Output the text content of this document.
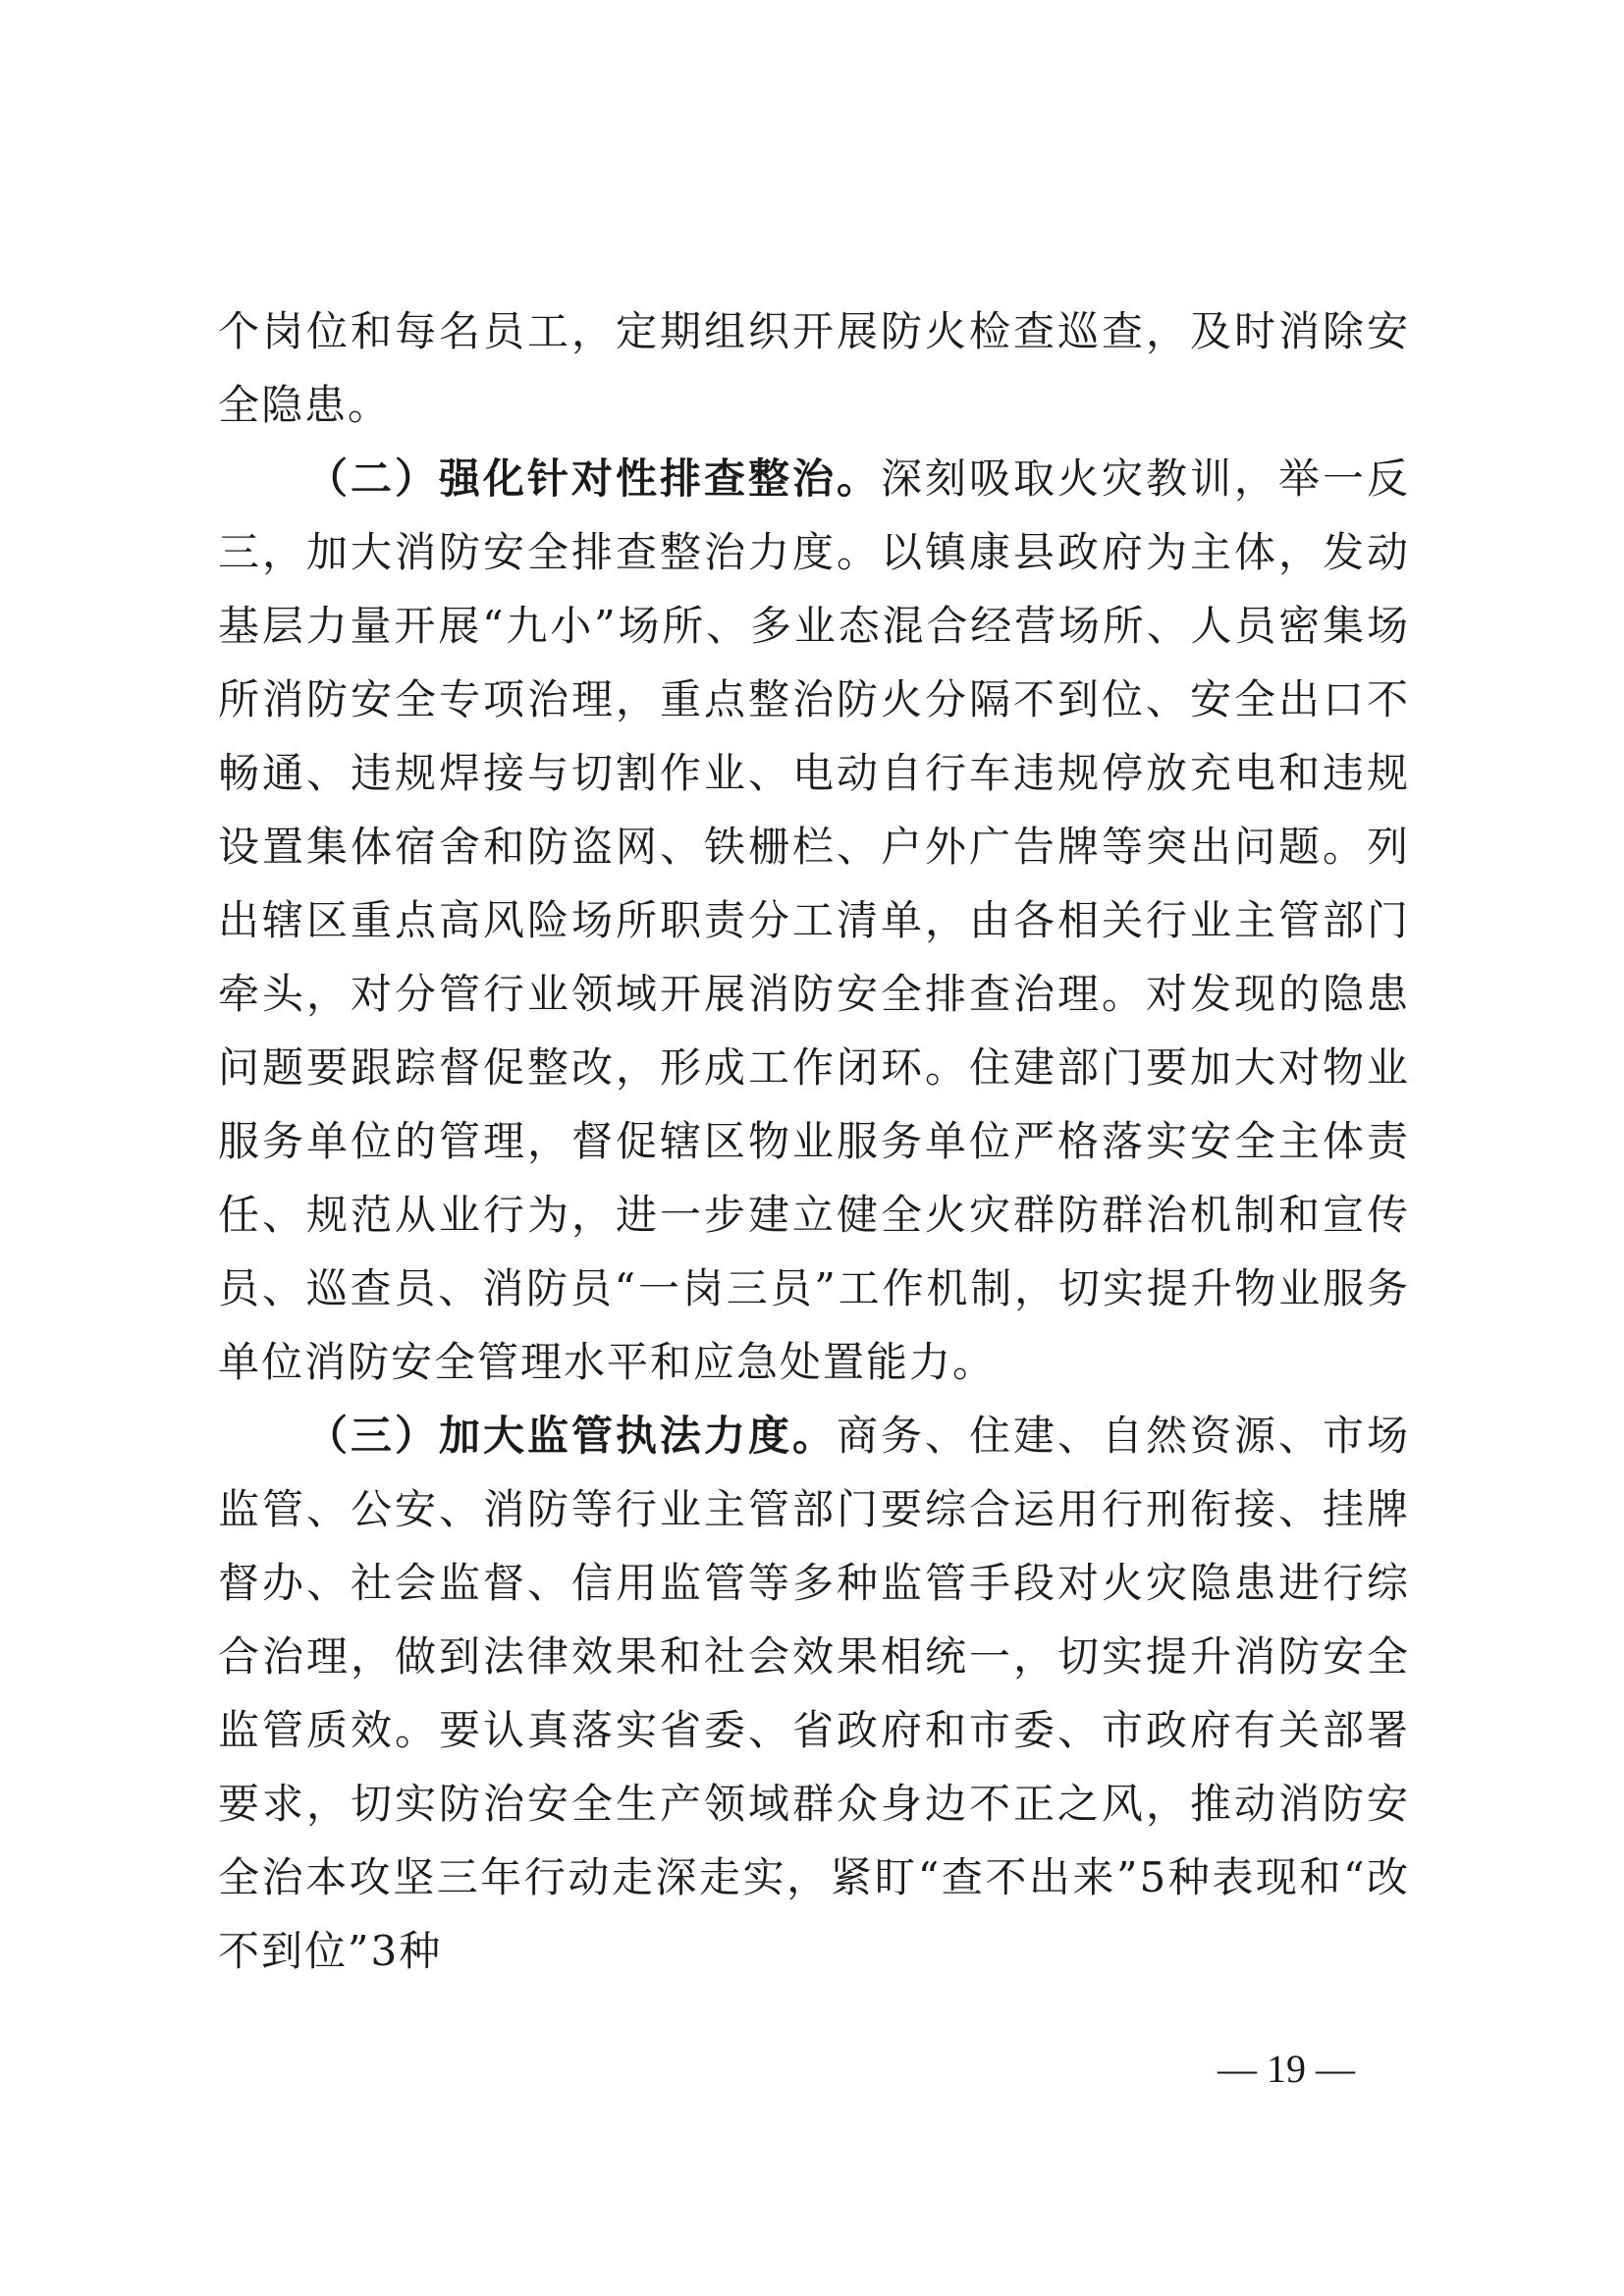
个岗位和每名员工，定期组织开展防火检查巡查，及时消除安全隐患。

（二）强化针对性排查整治。深刻吸取火灾教训，举一反三，加大消防安全排查整治力度。以镇康县政府为主体，发动基层力量开展“九小”场所、多业态混合经营场所、人员密集场所消防安全专项治理，重点整治防火分隔不到位、安全出口不畅通、违规焊接与切割作业、电动自行车违规停放充电和违规设置集体宿舍和防盗网、铁栅栏、户外广告牌等突出问题。列出辖区重点高风险场所职责分工清单，由各相关行业主管部门牵头，对分管行业领域开展消防安全排查治理。对发现的隐患问题要跟踪督促整改，形成工作闭环。住建部门要加大对物业服务单位的管理，督促辖区物业服务单位严格落实安全主体责任、规范从业行为，进一步建立健全火灾群防群治机制和宣传员、巡查员、消防员“一岗三员”工作机制，切实提升物业服务单位消防安全管理水平和应急处置能力。

（三）加大监管执法力度。商务、住建、自然资源、市场监管、公安、消防等行业主管部门要综合运用行刑衔接、挂牌督办、社会监督、信用监管等多种监管手段对火灾隐患进行综合治理，做到法律效果和社会效果相统一，切实提升消防安全监管质效。要认真落实省委、省政府和市委、市政府有关部署要求，切实防治安全生产领域群众身边不正之风，推动消防安全治本攻坚三年行动走深走实，紧盯“查不出来”5种表现和“改不到位”3种

— 19 —
